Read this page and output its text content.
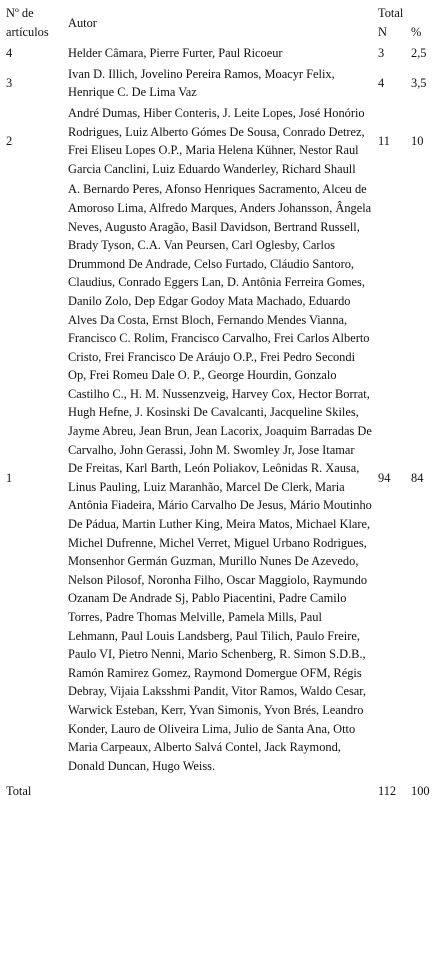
Nº de artículos	Autor	Total	
		N	%
4	Helder Câmara, Pierre Furter, Paul Ricoeur	3	2,5
3	Ivan D. Illich, Jovelino Pereira Ramos, Moacyr Felix, Henrique C. De Lima Vaz	4	3,5
2	André Dumas, Hiber Conteris, J. Leite Lopes, José Honório Rodrigues, Luiz Alberto Gómes De Sousa, Conrado Detrez, Frei Eliseu Lopes O.P., Maria Helena Kühner, Nestor Raul Garcia Canclini, Luiz Eduardo Wanderley, Richard Shaull	11	10
1	A. Bernardo Peres, Afonso Henriques Sacramento, Alceu de Amoroso Lima, Alfredo Marques, Anders Johansson, Ângela Neves, Augusto Aragão, Basil Davidson, Bertrand Russell, Brady Tyson, C.A. Van Peursen, Carl Oglesby, Carlos Drummond De Andrade, Celso Furtado, Cláudio Santoro, Claudius, Conrado Eggers Lan, D. Antônia Ferreira Gomes, Danilo Zolo, Dep Edgar Godoy Mata Machado, Eduardo Alves Da Costa, Ernst Bloch, Fernando Mendes Vianna, Francisco C. Rolim, Francisco Carvalho, Frei Carlos Alberto Cristo, Frei Francisco De Aráujo O.P., Frei Pedro Secondi Op, Frei Romeu Dale O. P., George Hourdin, Gonzalo Castilho C., H. M. Nussenzveig, Harvey Cox, Hector Borrat, Hugh Hefne, J. Kosinski De Cavalcanti, Jacqueline Skiles, Jayme Abreu, Jean Brun, Jean Lacorix, Joaquim Barradas De Carvalho, John Gerassi, John M. Swomley Jr, Jose Itamar De Freitas, Karl Barth, León Poliakov, Leônidas R. Xausa, Linus Pauling, Luiz Maranhão, Marcel De Clerk, Maria Antônia Fiadeira, Mário Carvalho De Jesus, Mário Moutinho De Pádua, Martin Luther King, Meira Matos, Michael Klare, Michel Dufrenne, Michel Verret, Miguel Urbano Rodrigues, Monsenhor Germán Guzman, Murillo Nunes De Azevedo, Nelson Pilosof, Noronha Filho, Oscar Maggiolo, Raymundo Ozanam De Andrade Sj, Pablo Piacentini, Padre Camilo Torres, Padre Thomas Melville, Pamela Mills, Paul Lehmann, Paul Louis Landsberg, Paul Tilich, Paulo Freire, Paulo VI, Pietro Nenni, Mario Schenberg, R. Simon S.D.B., Ramón Ramirez Gomez, Raymond Domergue OFM, Régis Debray, Vijaia Laksshmi Pandit, Vitor Ramos, Waldo Cesar, Warwick Esteban, Kerr, Yvan Simonis, Yvon Brés, Leandro Konder, Lauro de Oliveira Lima, Julio de Santa Ana, Otto Maria Carpeaux, Alberto Salvá Contel, Jack Raymond, Donald Duncan, Hugo Weiss.	94	84
Total		112	100
